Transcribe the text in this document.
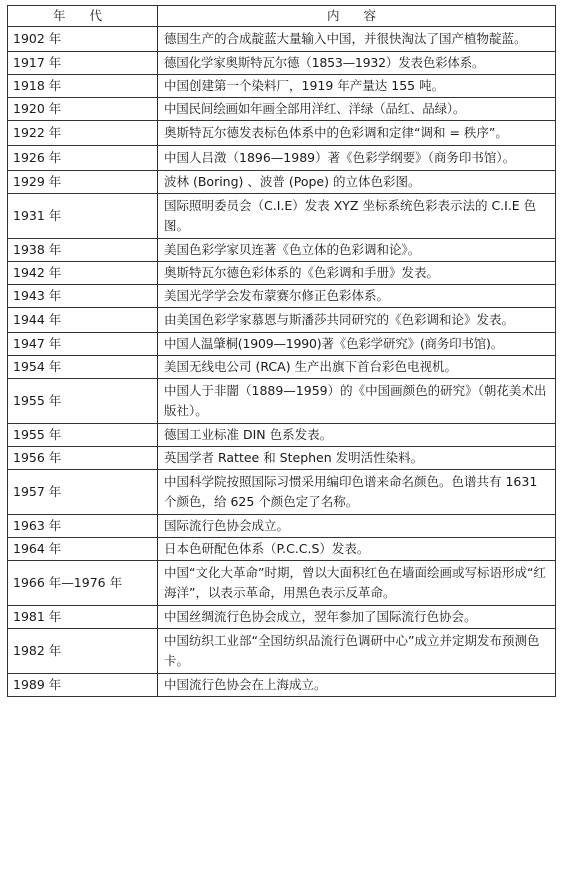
年 代	内 容
1902 年	德国生产的合成靛蓝大量输入中国，并很快淘汰了国产植物靛蓝。
1917 年	德国化学家奥斯特瓦尔德（1853—1932）发表色彩体系。
1918 年	中国创建第一个染料厂，1919 年产量达 155 吨。
1920 年	中国民间绘画如年画全部用洋红、洋绿（品红、品绿）。
1922 年	奥斯特瓦尔德发表标色体系中的色彩调和定律“调和 = 秩序”。
1926 年	中国人吕澂（1896—1989）著《色彩学纲要》（商务印书馆）。
1929 年	波林 (Boring) 、波普 (Pope) 的立体色彩图。
1931 年	国际照明委员会（C.I.E）发表 XYZ 坐标系统色彩表示法的 C.I.E 色图。
1938 年	美国色彩学家贝连著《色立体的色彩调和论》。
1942 年	奥斯特瓦尔德色彩体系的《色彩调和手册》发表。
1943 年	美国光学学会发布蒙赛尔修正色彩体系。
1944 年	由美国色彩学家慕恩与斯潘莎共同研究的《色彩调和论》发表。
1947 年	中国人温肇桐(1909—1990)著《色彩学研究》(商务印书馆)。
1954 年	美国无线电公司 (RCA) 生产出旗下首台彩色电视机。
1955 年	中国人于非闇（1889—1959）的《中国画颜色的研究》（朝花美术出版社）。
1955 年	德国工业标准 DIN 色系发表。
1956 年	英国学者 Rattee 和 Stephen 发明活性染料。
1957 年	中国科学院按照国际习惯采用编印色谱来命名颜色。色谱共有 1631 个颜色，给 625 个颜色定了名称。
1963 年	国际流行色协会成立。
1964 年	日本色研配色体系（P.C.C.S）发表。
1966 年—1976 年	中国“文化大革命”时期，曾以大面积红色在墙面绘画或写标语形成“红海洋”，以表示革命，用黑色表示反革命。
1981 年	中国丝绸流行色协会成立，翌年参加了国际流行色协会。
1982 年	中国纺织工业部“全国纺织品流行色调研中心”成立并定期发布预测色卡。
1989 年	中国流行色协会在上海成立。
